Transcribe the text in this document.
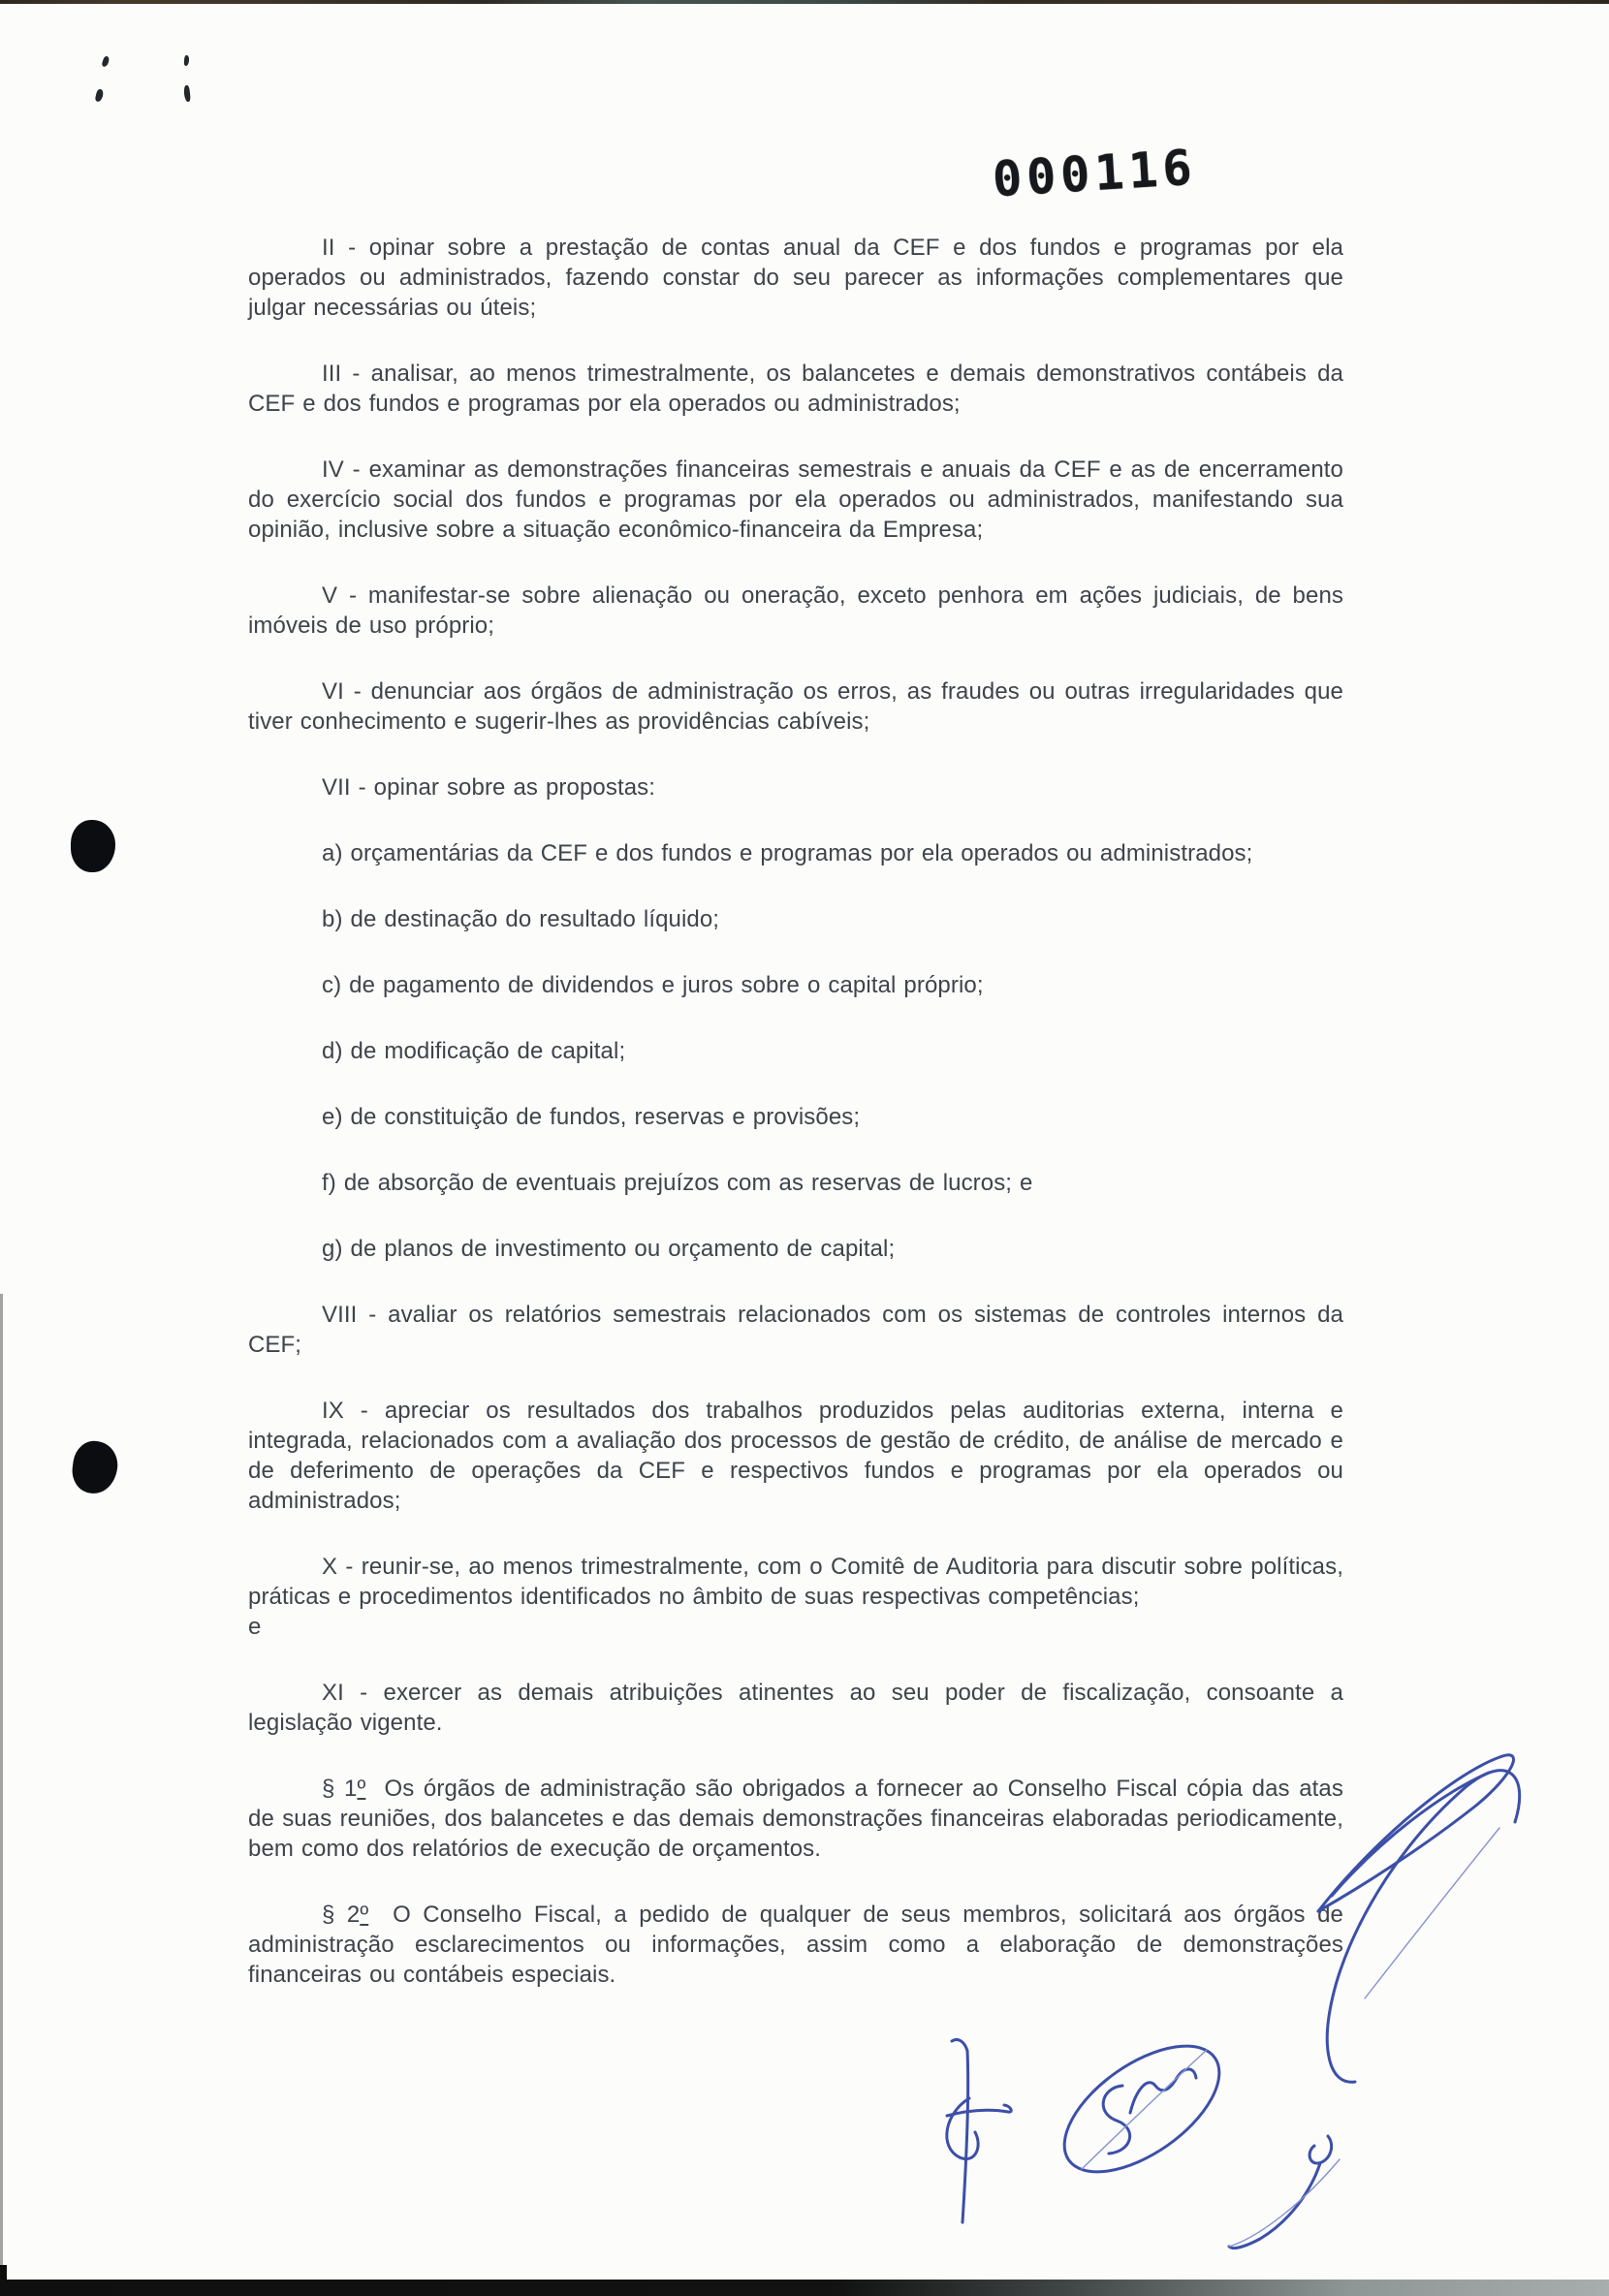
000116

II - opinar sobre a prestação de contas anual da CEF e dos fundos e programas por ela operados ou administrados, fazendo constar do seu parecer as informações complementares que julgar necessárias ou úteis;

III - analisar, ao menos trimestralmente, os balancetes e demais demonstrativos contábeis da CEF e dos fundos e programas por ela operados ou administrados;

IV - examinar as demonstrações financeiras semestrais e anuais da CEF e as de encerramento do exercício social dos fundos e programas por ela operados ou administrados, manifestando sua opinião, inclusive sobre a situação econômico-financeira da Empresa;

V - manifestar-se sobre alienação ou oneração, exceto penhora em ações judiciais, de bens imóveis de uso próprio;

VI - denunciar aos órgãos de administração os erros, as fraudes ou outras irregularidades que tiver conhecimento e sugerir-lhes as providências cabíveis;

VII - opinar sobre as propostas:

a) orçamentárias da CEF e dos fundos e programas por ela operados ou administrados;

b) de destinação do resultado líquido;

c) de pagamento de dividendos e juros sobre o capital próprio;

d) de modificação de capital;

e) de constituição de fundos, reservas e provisões;

f) de absorção de eventuais prejuízos com as reservas de lucros; e

g) de planos de investimento ou orçamento de capital;

VIII - avaliar os relatórios semestrais relacionados com os sistemas de controles internos da CEF;

IX - apreciar os resultados dos trabalhos produzidos pelas auditorias externa, interna e integrada, relacionados com a avaliação dos processos de gestão de crédito, de análise de mercado e de deferimento de operações da CEF e respectivos fundos e programas por ela operados ou administrados;

X - reunir-se, ao menos trimestralmente, com o Comitê de Auditoria para discutir sobre políticas, práticas e procedimentos identificados no âmbito de suas respectivas competências;
e

XI - exercer as demais atribuições atinentes ao seu poder de fiscalização, consoante a legislação vigente.

§ 1º  Os órgãos de administração são obrigados a fornecer ao Conselho Fiscal cópia das atas de suas reuniões, dos balancetes e das demais demonstrações financeiras elaboradas periodicamente, bem como dos relatórios de execução de orçamentos.

§ 2º  O Conselho Fiscal, a pedido de qualquer de seus membros, solicitará aos órgãos de administração esclarecimentos ou informações, assim como a elaboração de demonstrações financeiras ou contábeis especiais.
